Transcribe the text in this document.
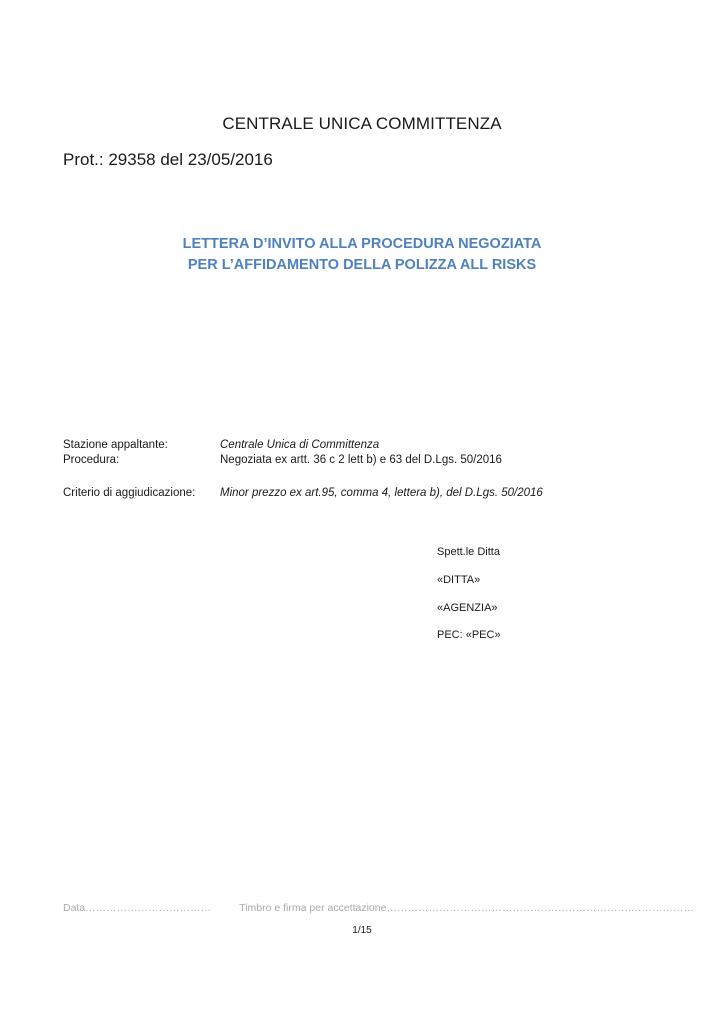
CENTRALE UNICA COMMITTENZA
Prot.: 29358 del 23/05/2016
LETTERA D’INVITO ALLA PROCEDURA NEGOZIATA
PER L’AFFIDAMENTO DELLA POLIZZA ALL RISKS
Stazione appaltante:	Centrale Unica di Committenza
Procedura:	Negoziata ex artt. 36 c 2 lett b) e 63 del D.Lgs. 50/2016
Criterio di aggiudicazione:	Minor prezzo ex art.95, comma 4, lettera b), del D.Lgs. 50/2016
Spett.le Ditta
«DITTA»
«AGENZIA»
PEC: «PEC»
Data………………………………	Timbro e firma per accettazione…………………………………………………………….………………
1/15
